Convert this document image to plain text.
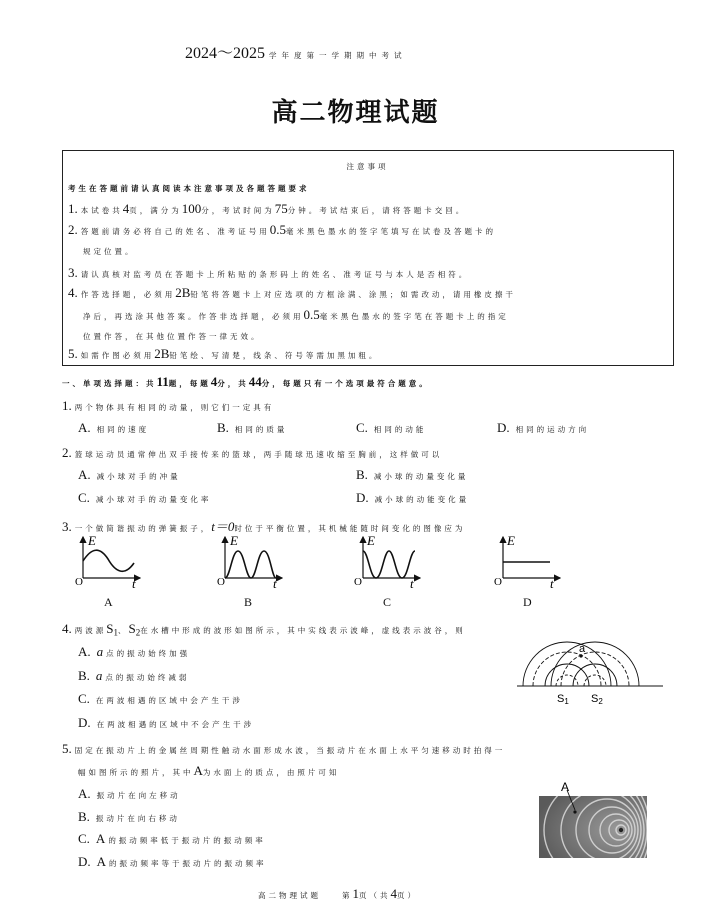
2024～2025 学年度第一学期期中考试
高二物理试题
注意事项
考生在答题前请认真阅读本注意事项及各题答题要求
1. 本试卷共4页，满分为100分，考试时间为75分钟。考试结束后，请将答题卡交回。
2. 答题前请务必将自己的姓名、准考证号用0.5毫米黑色墨水的签字笔填写在试卷及答题卡的
规定位置。
3. 请认真核对监考员在答题卡上所粘贴的条形码上的姓名、准考证号与本人是否相符。
4. 作答选择题，必须用2B铅笔将答题卡上对应选项的方框涂满、涂黑；如需改动，请用橡皮擦干
净后，再选涂其他答案。作答非选择题，必须用0.5毫米黑色墨水的签字笔在答题卡上的指定
位置作答，在其他位置作答一律无效。
5. 如需作图必须用2B铅笔绘、写清楚，线条、符号等需加黑加粗。
一、单项选择题：共11题，每题4分，共44分，每题只有一个选项最符合题意。
1. 两个物体具有相同的动量，则它们一定具有
A. 相同的速度	B. 相同的质量	C. 相同的动能	D. 相同的运动方向
2. 篮球运动员通常伸出双手接传来的篮球，两手随球迅速收缩至胸前，这样做可以
A. 减小球对手的冲量	B. 减小球的动量变化量
C. 减小球对手的动量变化率	D. 减小球的动能变化量
3. 一个做简谐振动的弹簧振子，t＝0时位于平衡位置，其机械能随时间变化的图像应为
E
t
O
E
t
O
E
t
O
E
t
O
A	B	C	D
4. 两波源$S_1$、$S_2$在水槽中形成的波形如图所示，其中实线表示波峰，虚线表示波谷，则
A. a 点的振动始终加强
B. a 点的振动始终减弱
C. 在两波相遇的区域中会产生干涉
D. 在两波相遇的区域中不会产生干涉
a
S1 S2
5. 固定在振动片上的金属丝周期性触动水面形成水波，当振动片在水面上水平匀速移动时拍得一
幅如图所示的照片，其中A为水面上的质点，由照片可知
A. 振动片在向左移动
B. 振动片在向右移动
C. A 的振动频率低于振动片的振动频率
D. A 的振动频率等于振动片的振动频率
A
高二物理试题　　第1页（共4页）
